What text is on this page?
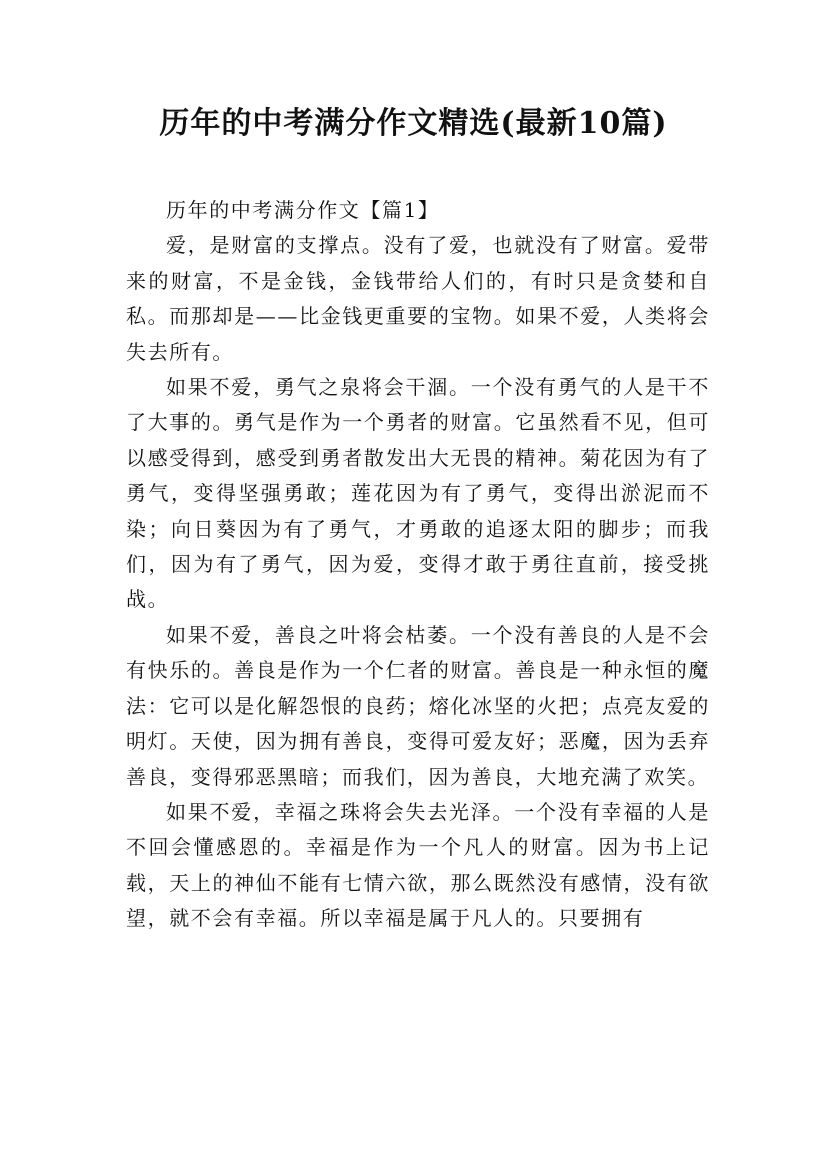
历年的中考满分作文精选(最新10篇)

历年的中考满分作文【篇1】

爱，是财富的支撑点。没有了爱，也就没有了财富。爱带来的财富，不是金钱，金钱带给人们的，有时只是贪婪和自私。而那却是——比金钱更重要的宝物。如果不爱，人类将会失去所有。

如果不爱，勇气之泉将会干涸。一个没有勇气的人是干不了大事的。勇气是作为一个勇者的财富。它虽然看不见，但可以感受得到，感受到勇者散发出大无畏的精神。菊花因为有了勇气，变得坚强勇敢；莲花因为有了勇气，变得出淤泥而不染；向日葵因为有了勇气，才勇敢的追逐太阳的脚步；而我们，因为有了勇气，因为爱，变得才敢于勇往直前，接受挑战。

如果不爱，善良之叶将会枯萎。一个没有善良的人是不会有快乐的。善良是作为一个仁者的财富。善良是一种永恒的魔法：它可以是化解怨恨的良药；熔化冰坚的火把；点亮友爱的明灯。天使，因为拥有善良，变得可爱友好；恶魔，因为丢弃善良，变得邪恶黑暗；而我们，因为善良，大地充满了欢笑。

如果不爱，幸福之珠将会失去光泽。一个没有幸福的人是不回会懂感恩的。幸福是作为一个凡人的财富。因为书上记载，天上的神仙不能有七情六欲，那么既然没有感情，没有欲望，就不会有幸福。所以幸福是属于凡人的。只要拥有
